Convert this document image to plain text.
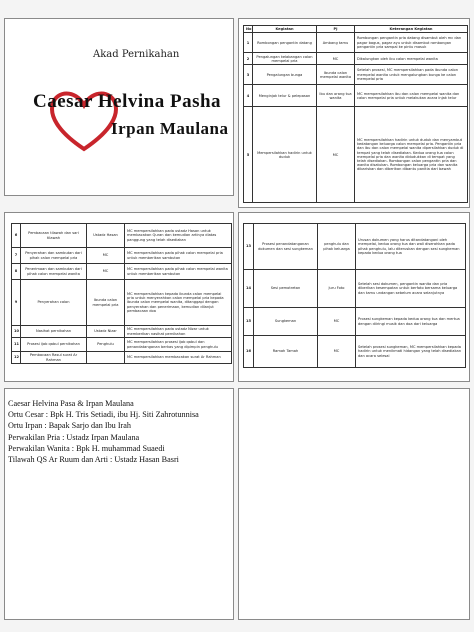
Akad Pernikahan
Caesar Helvina Pasha
Irpan Maulana
No	Kegiatan	PJ	Keterangan Kegiatan
1	Rombongan pengantin datang	Ambang tamu	Rombongan pengantin pria datang disambut oleh mc dan pagar bagus, pagar ayu untuk disambut rombongan pengantin pria sampai ke pintu masuk
2	Pengalungan kelabangan calon mempelai pria	MC	Dikalungkan oleh ibu calon mempelai wanita
3	Pengalungan bunga	Ibunda calon mempelai wanita	Setelah prosesi, MC mempersilahkan pada ibunda calon mempelai wanita untuk mengalungkan bunga ke calon mempelai pria
4	Menginjak telur & pelepasan	Ibu dan orang tua wanita	MC mempersilahkan ibu dan calon mempelai wanita dan calon mempelai pria untuk melakukan acara injak telur
5	Mempersilahkan hadirin untuk duduk	MC	MC mempersilahkan hadirin untuk duduk dan menyambut kedatangan keluarga calon mempelai pria. Pengantin pria dan ibu dan calon mempelai wanita dipersilahkan duduk di tempat yang telah disediakan. Kedua orang tua calon mempelai pria dan wanita didudukkan di tempat yang telah disediakan. Rombongan calon pengantin pria dan wanita disatukan. Rombongan keluarga pria dan wanita dibariskan dan diberikan dibantu panitia dari bawah
6	Pembacaan tilawah dan sari tilawah	Ustadz Hasan	MC mempersilahkan pada ustadz Hasan untuk membacakan Quran dan kemudian artinya diatas panggung yang telah disediakan
7	Penyerahan dan sambutan dari pihak calon mempelai pria	MC	MC mempersilahkan pada pihak calon mempelai pria untuk memberikan sambutan
8	Penerimaan dan sambutan dari pihak calon mempelai wanita	MC	MC mempersilahkan pada pihak calon mempelai wanita untuk memberikan sambutan
9	Penyerahan calon	Ibunda calon mempelai pria	MC mempersilahkan kepada ibunda calon mempelai pria untuk menyerahkan calon mempelai pria kepada ibunda calon mempelai wanita, ditanggapi dengan penyerahan dan penerimaan, kemudian dilanjut pembacaan doa
10	Nasihat pernikahan	Ustadz Nizar	MC mempersilahkan pada ustadz Nizar untuk memberikan nasihat pernikahan
11	Prosesi ijab qabul pernikahan	Penghulu	MC mempersilahkan prosesi ijab qabul dan penandatanganan berkas yang dipimpin penghulu
12	Pembacaan Rasul surat Ar Rahman		MC mempersilahkan membacakan surat Ar Rahman
13	Prosesi penandatanganan dokumen dan sesi sungkeman	penghulu dan pihak keluarga	Urusan dokumen yang harus ditandatangani oleh mempelai, kedua orang tua dan wali diserahkan pada pihak penghulu, lalu diteruskan dengan sesi sungkeman kepada kedua orang tua
14	Sesi pemotretan	Juru Foto	Setelah sesi dokumen, pengantin wanita dan pria diberikan kesempatan untuk berfoto bersama keluarga dan tamu undangan sebelum acara selanjutnya
15	Sungkeman	MC	Prosesi sungkeman kepada kedua orang tua dan mertua dengan diiringi musik dan doa dari keluarga
16	Ramah Tamah	MC	Setelah prosesi sungkeman, MC mempersilahkan kepada hadirin untuk menikmati hidangan yang telah disediakan dan acara selesai
Caesar Helvina Pasa & Irpan Maulana
Ortu Cesar : Bpk H. Tris Setiadi, ibu Hj. Siti Zahrotunnisa
Ortu Irpan : Bapak Sarjo dan Ibu Irah
Perwakilan Pria : Ustadz Irpan Maulana
Perwakilan Wanita : Bpk H. muhammad Suaedi
Tilawah QS Ar Ruum dan Arti : Ustadz Hasan Basri
